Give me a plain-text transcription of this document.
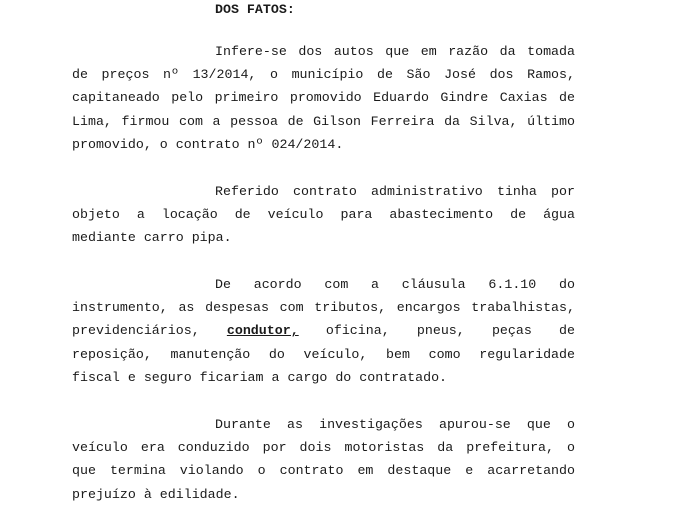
DOS FATOS:

Infere-se dos autos que em razão da tomada
de preços nº 13/2014, o município de São José dos Ramos,
capitaneado pelo primeiro promovido Eduardo Gindre Caxias de
Lima, firmou com a pessoa de Gilson Ferreira da Silva, último
promovido, o contrato nº 024/2014.

Referido contrato administrativo tinha por
objeto a locação de veículo para abastecimento de água
mediante carro pipa.

De acordo com a cláusula 6.1.10 do
instrumento, as despesas com tributos, encargos trabalhistas,
previdenciários, condutor, oficina, pneus, peças de
reposição, manutenção do veículo, bem como regularidade
fiscal e seguro ficariam a cargo do contratado.

Durante as investigações apurou-se que o
veículo era conduzido por dois motoristas da prefeitura, o
que termina violando o contrato em destaque e acarretando
prejuízo à edilidade.
